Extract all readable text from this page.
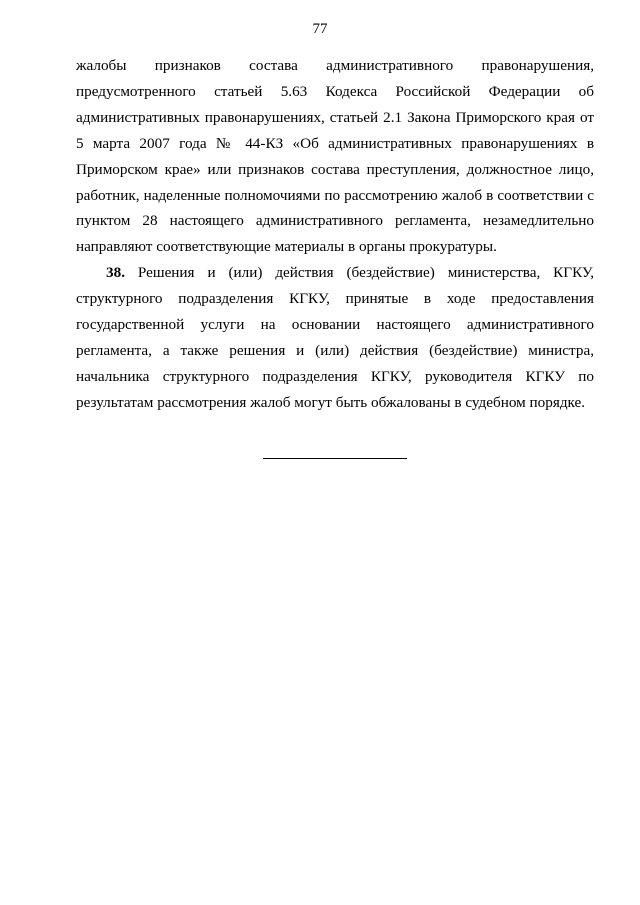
77

жалобы признаков состава административного правонарушения, предусмотренного статьей 5.63 Кодекса Российской Федерации об административных правонарушениях, статьей 2.1 Закона Приморского края от 5 марта 2007 года № 44-КЗ «Об административных правонарушениях в Приморском крае» или признаков состава преступления, должностное лицо, работник, наделенные полномочиями по рассмотрению жалоб в соответствии с пунктом 28 настоящего административного регламента, незамедлительно направляют соответствующие материалы в органы прокуратуры.

38. Решения и (или) действия (бездействие) министерства, КГКУ, структурного подразделения КГКУ, принятые в ходе предоставления государственной услуги на основании настоящего административного регламента, а также решения и (или) действия (бездействие) министра, начальника структурного подразделения КГКУ, руководителя КГКУ по результатам рассмотрения жалоб могут быть обжалованы в судебном порядке.
